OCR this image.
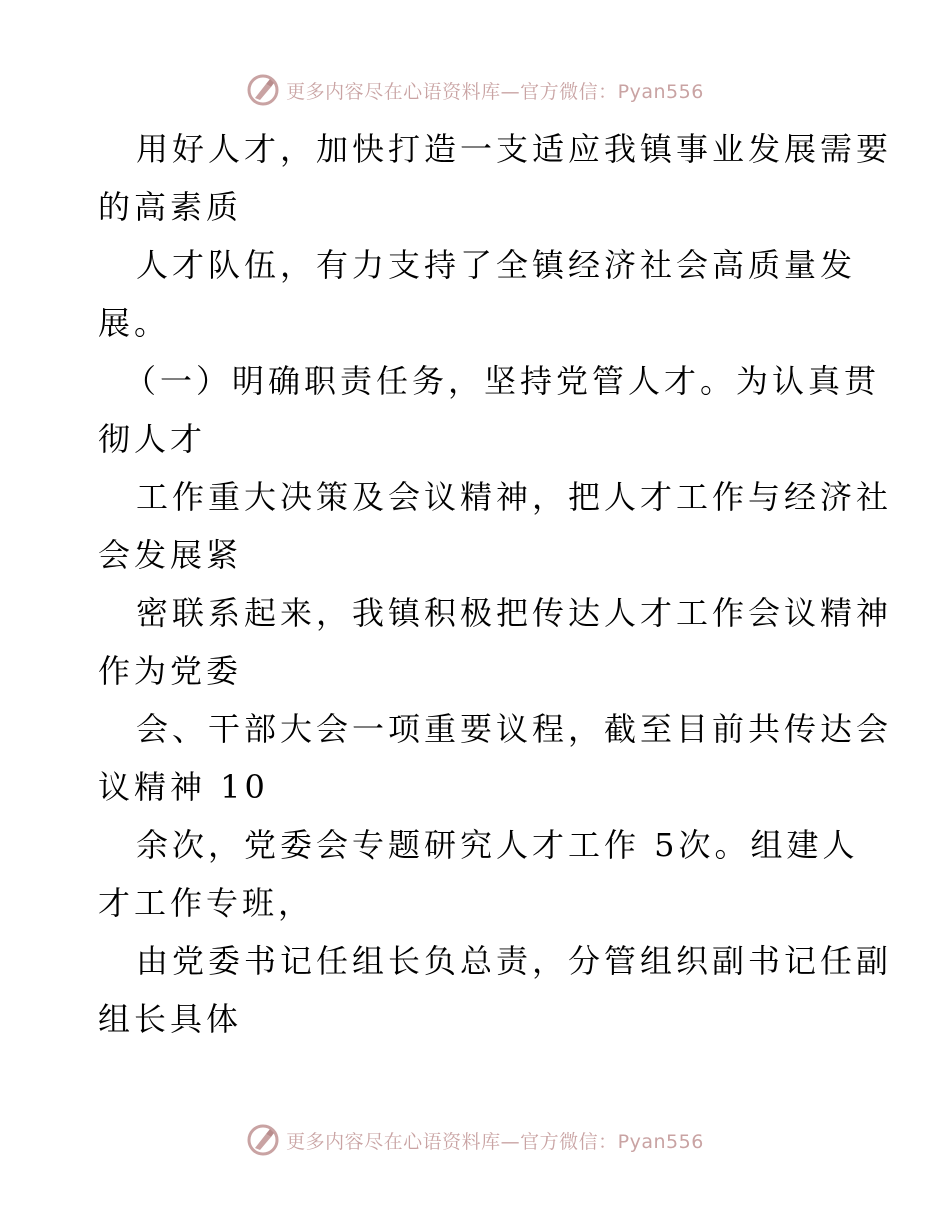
更多内容尽在心语资料库—官方微信：Pyan556
用好人才，加快打造一支适应我镇事业发展需要
的高素质
人才队伍，有力支持了全镇经济社会高质量发
展。
（一）明确职责任务，坚持党管人才。为认真贯
彻人才
工作重大决策及会议精神，把人才工作与经济社
会发展紧
密联系起来，我镇积极把传达人才工作会议精神
作为党委
会、干部大会一项重要议程，截至目前共传达会
议精神 10
余次，党委会专题研究人才工作 5次。组建人
才工作专班，
由党委书记任组长负总责，分管组织副书记任副
组长具体
更多内容尽在心语资料库—官方微信：Pyan556
